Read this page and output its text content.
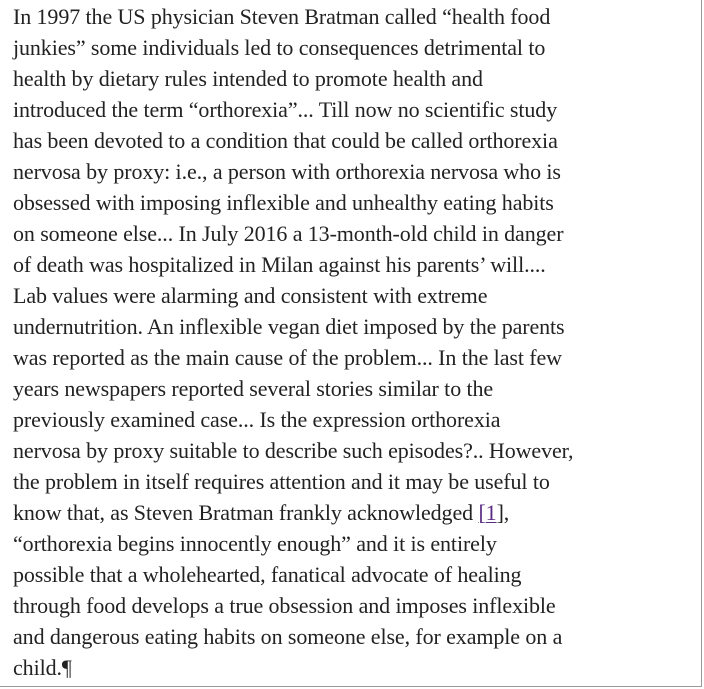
In 1997 the US physician Steven Bratman called “health food
junkies” some individuals led to consequences detrimental to
health by dietary rules intended to promote health and
introduced the term “orthorexia”... Till now no scientific study
has been devoted to a condition that could be called orthorexia
nervosa by proxy: i.e., a person with orthorexia nervosa who is
obsessed with imposing inflexible and unhealthy eating habits
on someone else... In July 2016 a 13-month-old child in danger
of death was hospitalized in Milan against his parents’ will....
Lab values were alarming and consistent with extreme
undernutrition. An inflexible vegan diet imposed by the parents
was reported as the main cause of the problem... In the last few
years newspapers reported several stories similar to the
previously examined case... Is the expression orthorexia
nervosa by proxy suitable to describe such episodes?.. However,
the problem in itself requires attention and it may be useful to
know that, as Steven Bratman frankly acknowledged [1],
“orthorexia begins innocently enough” and it is entirely
possible that a wholehearted, fanatical advocate of healing
through food develops a true obsession and imposes inflexible
and dangerous eating habits on someone else, for example on a
child.¶
